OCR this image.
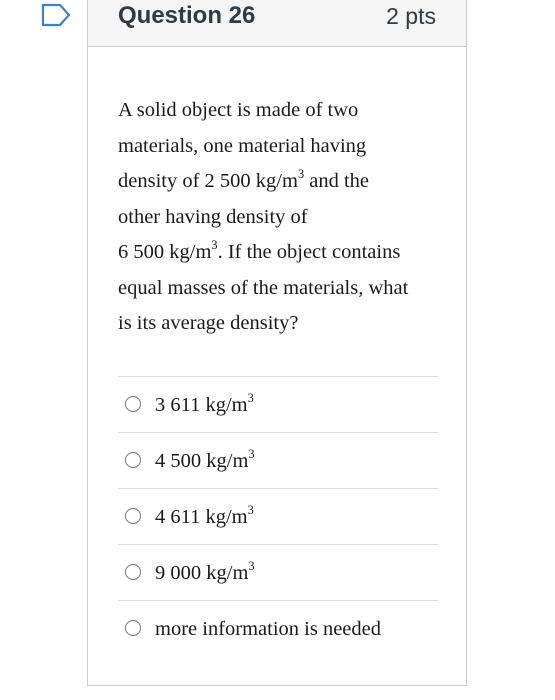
Question 26	2 pts
A solid object is made of two
materials, one material having
density of 2 500 $kg/m^3$ and the
other having density of
6 500 $kg/m^3$. If the object contains
equal masses of the materials, what
is its average density?
3 611 $kg/m^3$
4 500 $kg/m^3$
4 611 $kg/m^3$
9 000 $kg/m^3$
more information is needed
